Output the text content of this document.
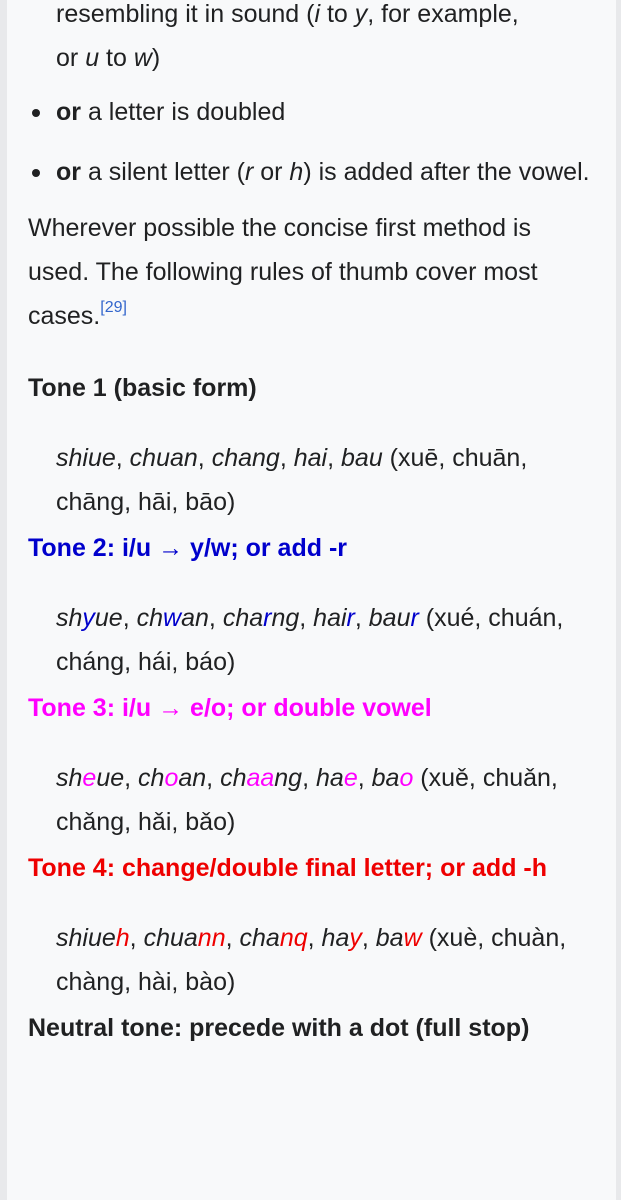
resembling it in sound (i to y, for example,
or u to w)
or a letter is doubled
or a silent letter (r or h) is added after the vowel.

Wherever possible the concise first method is used. The following rules of thumb cover most cases.[29]

Tone 1 (basic form)
shiue, chuan, chang, hai, bau (xuē, chuān, chāng, hāi, bāo)
Tone 2: i/u → y/w; or add -r
shyue, chwan, charng, hair, baur (xué, chuán, cháng, hái, báo)
Tone 3: i/u → e/o; or double vowel
sheue, choan, chaang, hae, bao (xuě, chuǎn, chǎng, hǎi, bǎo)
Tone 4: change/double final letter; or add -h
shiueh, chuann, chanq, hay, baw (xuè, chuàn, chàng, hài, bào)
Neutral tone: precede with a dot (full stop)
